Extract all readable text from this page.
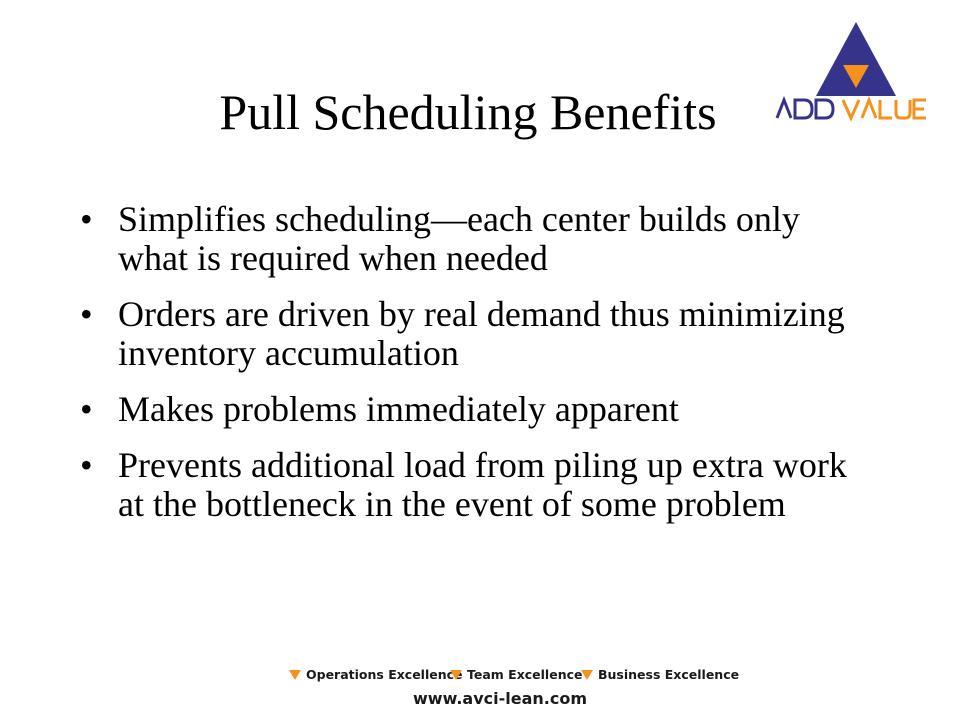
Pull Scheduling Benefits
• Simplifies scheduling—each center builds only what is required when needed
• Orders are driven by real demand thus minimizing inventory accumulation
• Makes problems immediately apparent
• Prevents additional load from piling up extra work at the bottleneck in the event of some problem
Operations Excellence Team Excellence	Business Excellence
www.avci-lean.com
